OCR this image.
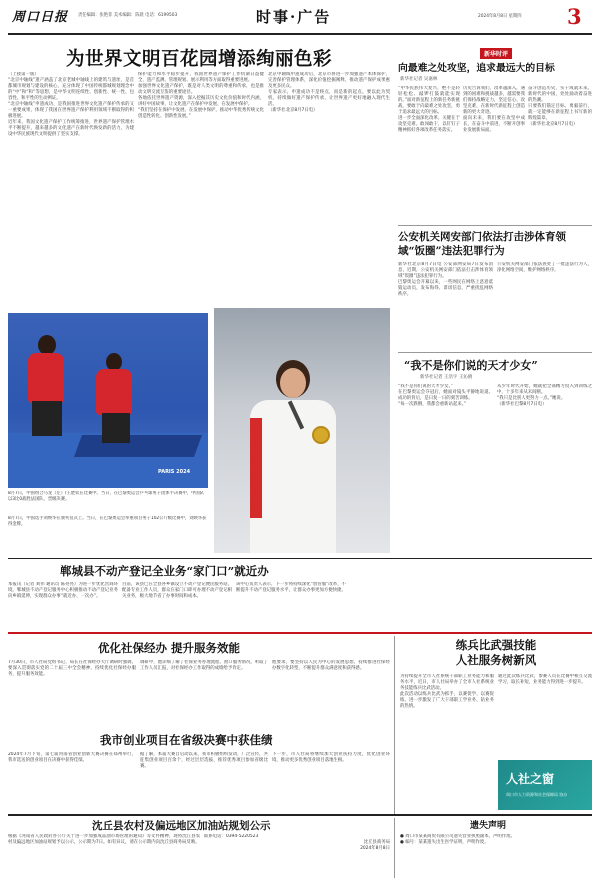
周口日报 责任编辑：张艳菲 美术编辑：陈晨 电话：6199503	时事·广告	2024年8月8日 星期四 3
为世界文明百花园增添绚丽色彩
（上接第一版）
“北京中轴线”遗产涵盖了北京老城中轴线上的建筑与遗址，是首都城市规划与建设的核心，充分体现了中国传统都城规划理念中的“中”和“和”等思想，是中华文明连续性、创新性、统一性、包容性、和平性的生动例证。
“北京中轴线”申遗成功，是我国推进世界文化遗产保护传承的又一重要成果，体现了我国在世界遗产保护利用领域不断取得的积极进展。
近年来，我国文化遗产保护工作统筹推进，世界遗产保护管理水平不断提升，越来越多的文化遗产在新时代焕发新的活力，为建设中华民族现代文明提供了坚实支撑。
保护能力和水平稳步提升，我国世界遗产保护工作机制日益健全，遗产监测、管理规划、展示利用等方面取得重要进展。
加强世界文化遗产保护，既是对人类文明的尊重和传承，也是推动文明交流互鉴的重要途径。
各地依托世界遗产资源，深入挖掘其历史文化价值和时代内涵，讲好中国故事，让文化遗产在保护中发展、在发展中保护。
“我们坚持在保护中发展、在发展中保护，推动中华优秀传统文化创造性转化、创新性发展。”
北京中轴线申遗成功后，北京市将进一步加强遗产本体保护，完善保护管理体系，深化价值挖掘阐释，推动遗产保护成果惠及更多民众。
专家表示，申遗成功不是终点，而是新的起点。要以此为契机，持续做好遗产保护传承，让世界遗产更好地融入现代生活。
（新华社北京8月7日电）
PARIS 2024
8月7日，中国组合马龙（左）/王楚钦在比赛中。当日，在巴黎奥运会乒乓球男子团体半决赛中，中国队以3比0战胜法国队，晋级决赛。
8月7日，中国选手刘焕华在颁奖仪式上。当日，在巴黎奥运会举重项目男子102公斤级比赛中，刘焕华获得金牌。
新华时评
向最难之处攻坚，追求最远大的目标
新华社记者 吴嘉林
“中华民族伟大复兴，绝不是轻轻松松、敲锣打鼓就能实现的。”面对新征程上的新任务新挑战，要敢于向最难之处攻坚，勇于追求最远大的目标。
进一步全面深化改革，关键在于攻坚克难、敢闯敢干，以钉钉子精神抓好各项改革任务落实。
历史告诉我们，改革越深入，遇到的困难和挑战越多，越需要我们保持战略定力，坚定信心、攻坚克难，在新时代新征程上创造新的更大奇迹。
面向未来，我们要在攻坚中成长，在奋斗中前进，不断开创事业发展新局面。
奋斗创造历史，实干成就未来。新时代的中国，处处涌动着奋进的热潮。
只要我们锚定目标、勇毅前行，就一定能够在新征程上书写新的辉煌篇章。
（新华社北京8月7日电）
公安机关网安部门依法打击涉体育领域“饭圈”违法犯罪行为
新华社北京8月7日电 公安部网安局7日发布消息，近期，公安机关网安部门依法打击涉体育领域“饭圈”违法犯罪行为。
巴黎奥运会开幕以来，一些网民在网络上恶意诋毁运动员，发布侮辱、诽谤信息，严重扰乱网络秩序。
公安机关网安部门依法查处了一批违法行为人，净化网络空间，维护网络秩序。
“我不是你们说的天才少女”
新华社记者 王浩宇 王沁鸥
“我不是你们说的天才少女。”
在巴黎奥运会夺冠后，她面对镜头平静地说道。成功的背后，是日复一日的刻苦训练。
“每一次跌倒，我都会重新站起来。”
从少年时代开始，她就把全部精力投入到训练之中，十多年来从未间断。
“我只是比别人更努力一点。”她说。
（新华社巴黎8月7日电）
郸城县不动产登记全业务“家门口”就近办
本报讯（记者 刘伟 通讯员 陈亮亮）为进一步优化营商环境，郸城县不动产登记服务中心积极推动不动产登记业务向乡镇延伸，实现群众办事“就近办、一次办”。
目前，该县已在全县各乡镇设立不动产登记便民服务站，配备专业工作人员，群众在家门口即可办理不动产登记相关业务，极大地节省了办事时间和成本。
该中心负责人表示，下一步将持续深化“放管服”改革，不断提升不动产登记服务水平，让群众办事更加方便快捷。
优化社保经办 提升服务效能
7月30日，市人社局党组书记、局长在社保经办大厅调研时强调，要深入贯彻落实党的二十届三中全会精神，持续优化社保经办服务，提升服务效能。
调研中，他详细了解了社保业务办理流程、窗口服务情况，听取了工作人员汇报，对社保经办工作取得的成绩给予肯定。
他要求，要坚持以人民为中心的发展思想，持续推进社保经办数字化转型，不断提升群众满意度和获得感。
我市创业项目在省级决赛中获佳绩
2024年7月下旬，第七届河南省创业创新大赛决赛在郑州举行，我市选送的创业项目在决赛中获得佳绩。
据了解，本届大赛自启动以来，我市积极组织发动，广泛宣传，共征集创业项目百余个，经过层层选拔，推荐优秀项目参加省级比赛。
下一步，市人社局将继续加大创业扶持力度，优化创业环境，推动更多优秀创业项目落地生根。
练兵比武强技能
人社服务树新风
为持续提升全市人社系统干部职工业务能力和服务水平，近日，市人社局举办了全市人社系统业务技能练兵比武活动。
此次活动以练兵比武为抓手，以赛促学、以赛促练，进一步激发了广大干部职工学业务、钻业务的热情。
通过此次练兵比武，参赛人员在比赛中相互交流学习，取长补短，业务能力得到进一步提升。
人社之窗
周口市人力资源和社会保障局 协办
沈丘县农村及偏远地区加油站规划公示
根据《河南省人民政府办公厅关于进一步加强成品油市场管理的通知》等文件精神，现将沈丘县农村及偏远地区加油站规划予以公示，公示期为7日。如有异议，请在公示期内向沈丘县商务局反映。
联系电话：0394-5220523
沈丘县商务局
2024年8月8日
遗失声明
● 周口市某某商贸有限公司遗失营业执照副本，声明作废。
● 编号：某某遗失出生医学证明，声明作废。
